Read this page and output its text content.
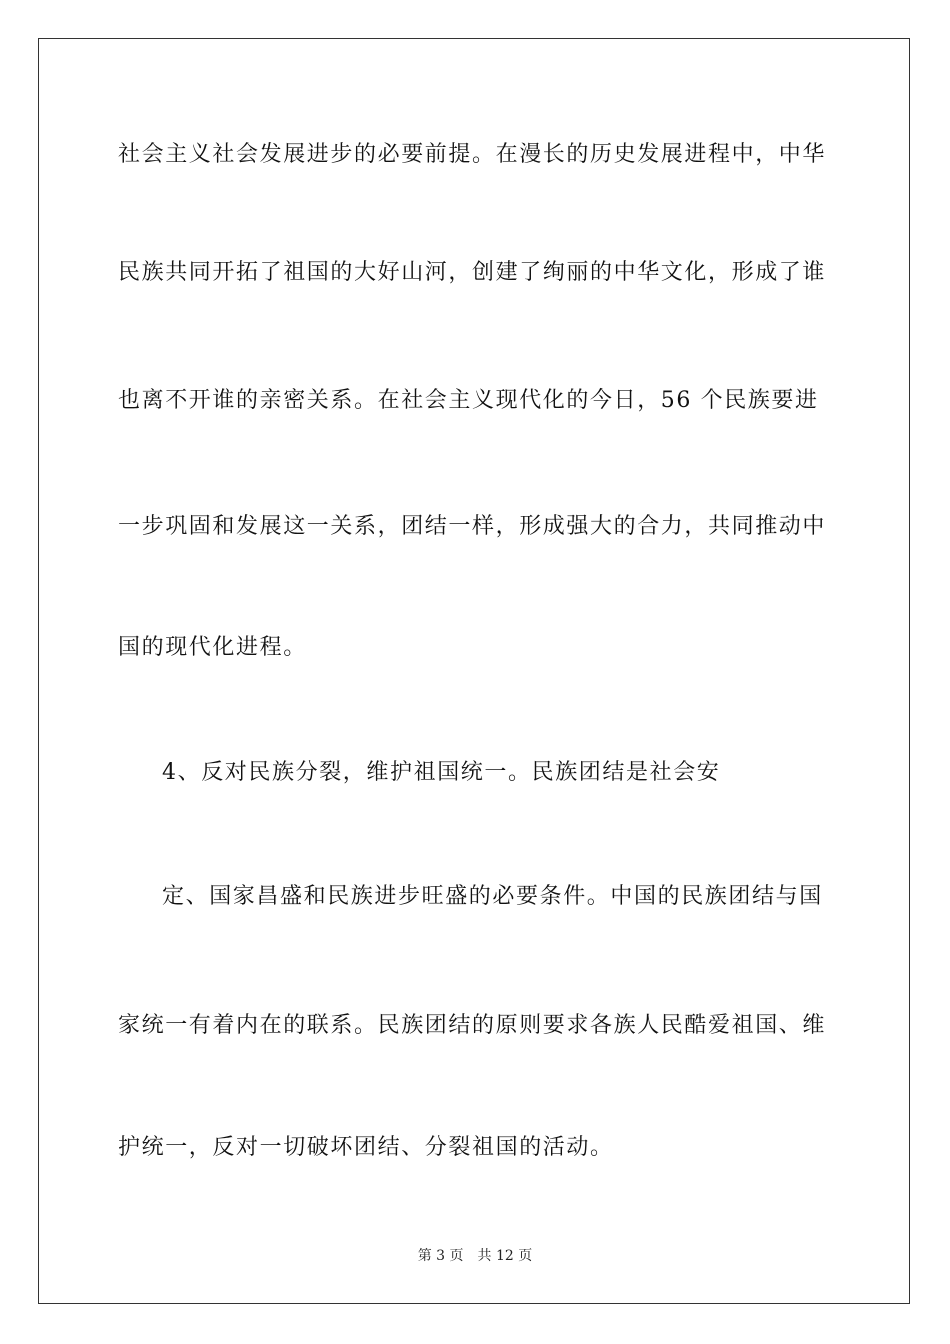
社会主义社会发展进步的必要前提。在漫长的历史发展进程中，中华
民族共同开拓了祖国的大好山河，创建了绚丽的中华文化，形成了谁
也离不开谁的亲密关系。在社会主义现代化的今日，56 个民族要进
一步巩固和发展这一关系，团结一样，形成强大的合力，共同推动中
国的现代化进程。
4、反对民族分裂，维护祖国统一。民族团结是社会安
定、国家昌盛和民族进步旺盛的必要条件。中国的民族团结与国
家统一有着内在的联系。民族团结的原则要求各族人民酷爱祖国、维
护统一，反对一切破坏团结、分裂祖国的活动。
第 3 页 共 12 页
